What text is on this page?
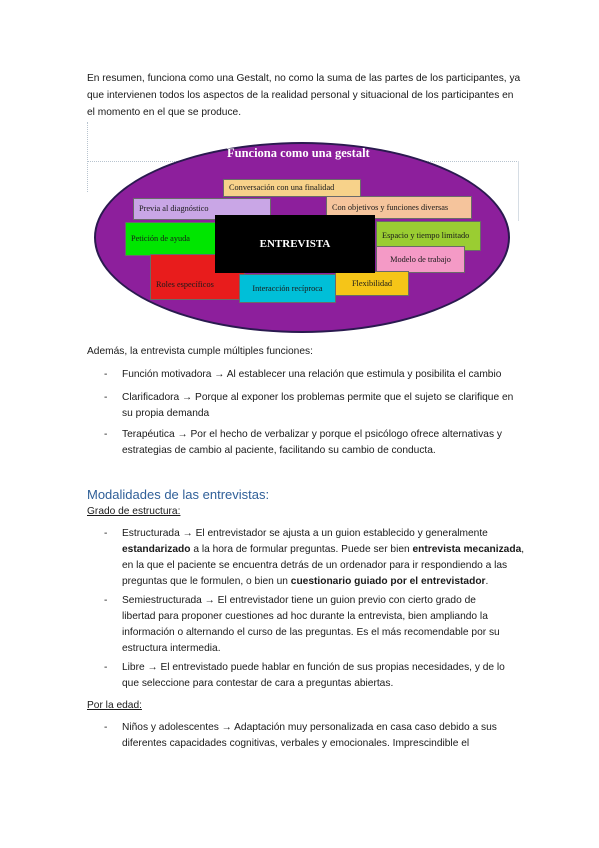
En resumen, funciona como una Gestalt, no como la suma de las partes de los participantes, ya

que intervienen todos los aspectos de la realidad personal y situacional de los participantes en

el momento en el que se produce.

Funciona como una gestalt
Conversación con una finalidad
Previa al diagnóstico	Con objetivos y funciones diversas
Petición de ayuda	Espacio y tiempo limitado
Modelo de trabajo
Roles específicos	Flexibilidad
Interacción recíproca
ENTREVISTA

Además, la entrevista cumple múltiples funciones:

- Función motivadora → Al establecer una relación que estimula y posibilita el cambio

- Clarificadora → Porque al exponer los problemas permite que el sujeto se clarifique en

su propia demanda

- Terapéutica → Por el hecho de verbalizar y porque el psicólogo ofrece alternativas y

estrategias de cambio al paciente, facilitando su cambio de conducta.

Modalidades de las entrevistas:

Grado de estructura:

- Estructurada → El entrevistador se ajusta a un guion establecido y generalmente

estandarizado a la hora de formular preguntas. Puede ser bien entrevista mecanizada,

en la que el paciente se encuentra detrás de un ordenador para ir respondiendo a las

preguntas que le formulen, o bien un cuestionario guiado por el entrevistador.

- Semiestructurada → El entrevistador tiene un guion previo con cierto grado de

libertad para proponer cuestiones ad hoc durante la entrevista, bien ampliando la

información o alternando el curso de las preguntas. Es el más recomendable por su

estructura intermedia.

- Libre → El entrevistado puede hablar en función de sus propias necesidades, y de lo

que seleccione para contestar de cara a preguntas abiertas.

Por la edad:

- Niños y adolescentes → Adaptación muy personalizada en casa caso debido a sus

diferentes capacidades cognitivas, verbales y emocionales. Imprescindible el
